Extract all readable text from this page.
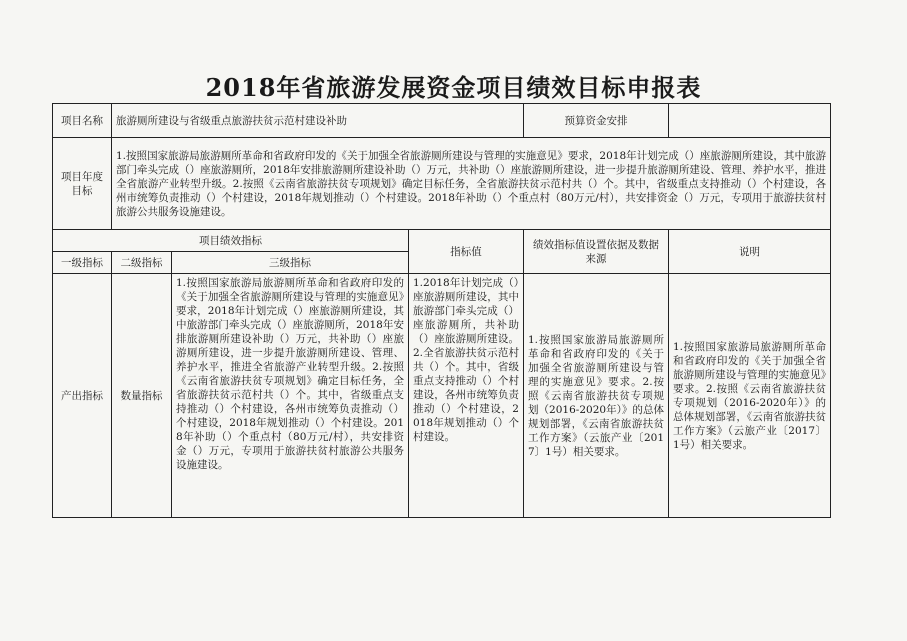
2018年省旅游发展资金项目绩效目标申报表
项目名称	旅游厕所建设与省级重点旅游扶贫示范村建设补助			预算资金安排	
项目年度目标	1.按照国家旅游局旅游厕所革命和省政府印发的《关于加强全省旅游厕所建设与管理的实施意见》要求，2018年计划完成（）座旅游厕所建设，其中旅游部门牵头完成（）座旅游厕所，2018年安排旅游厕所建设补助（）万元，共补助（）座旅游厕所建设，进一步提升旅游厕所建设、管理、养护水平，推进全省旅游产业转型升级。2.按照《云南省旅游扶贫专项规划》确定目标任务，全省旅游扶贫示范村共（）个。其中，省级重点支持推动（）个村建设，各州市统筹负责推动（）个村建设，2018年规划推动（）个村建设。2018年补助（）个重点村（80万元/村），共安排资金（）万元，专项用于旅游扶贫村旅游公共服务设施建设。				
项目绩效指标			指标值	绩效指标值设置依据及数据来源	说明
一级指标	二级指标	三级指标			
产出指标	数量指标	1.按照国家旅游局旅游厕所革命和省政府印发的《关于加强全省旅游厕所建设与管理的实施意见》要求，2018年计划完成（）座旅游厕所建设，其中旅游部门牵头完成（）座旅游厕所，2018年安排旅游厕所建设补助（）万元，共补助（）座旅游厕所建设，进一步提升旅游厕所建设、管理、养护水平，推进全省旅游产业转型升级。2.按照《云南省旅游扶贫专项规划》确定目标任务，全省旅游扶贫示范村共（）个。其中，省级重点支持推动（）个村建设，各州市统筹负责推动（）个村建设，2018年规划推动（）个村建设。2018年补助（）个重点村（80万元/村），共安排资金（）万元，专项用于旅游扶贫村旅游公共服务设施建设。	1.2018年计划完成（）座旅游厕所建设，其中旅游部门牵头完成（）座旅游厕所，共补助（）座旅游厕所建设。2.全省旅游扶贫示范村共（）个。其中，省级重点支持推动（）个村建设，各州市统筹负责推动（）个村建设，2018年规划推动（）个村建设。	1.按照国家旅游局旅游厕所革命和省政府印发的《关于加强全省旅游厕所建设与管理的实施意见》要求。2.按照《云南省旅游扶贫专项规划（2016-2020年）》的总体规划部署，《云南省旅游扶贫工作方案》（云旅产业〔2017〕1号）相关要求。	1.按照国家旅游局旅游厕所革命和省政府印发的《关于加强全省旅游厕所建设与管理的实施意见》要求。2.按照《云南省旅游扶贫专项规划（2016-2020年）》的总体规划部署，《云南省旅游扶贫工作方案》（云旅产业〔2017〕1号）相关要求。
